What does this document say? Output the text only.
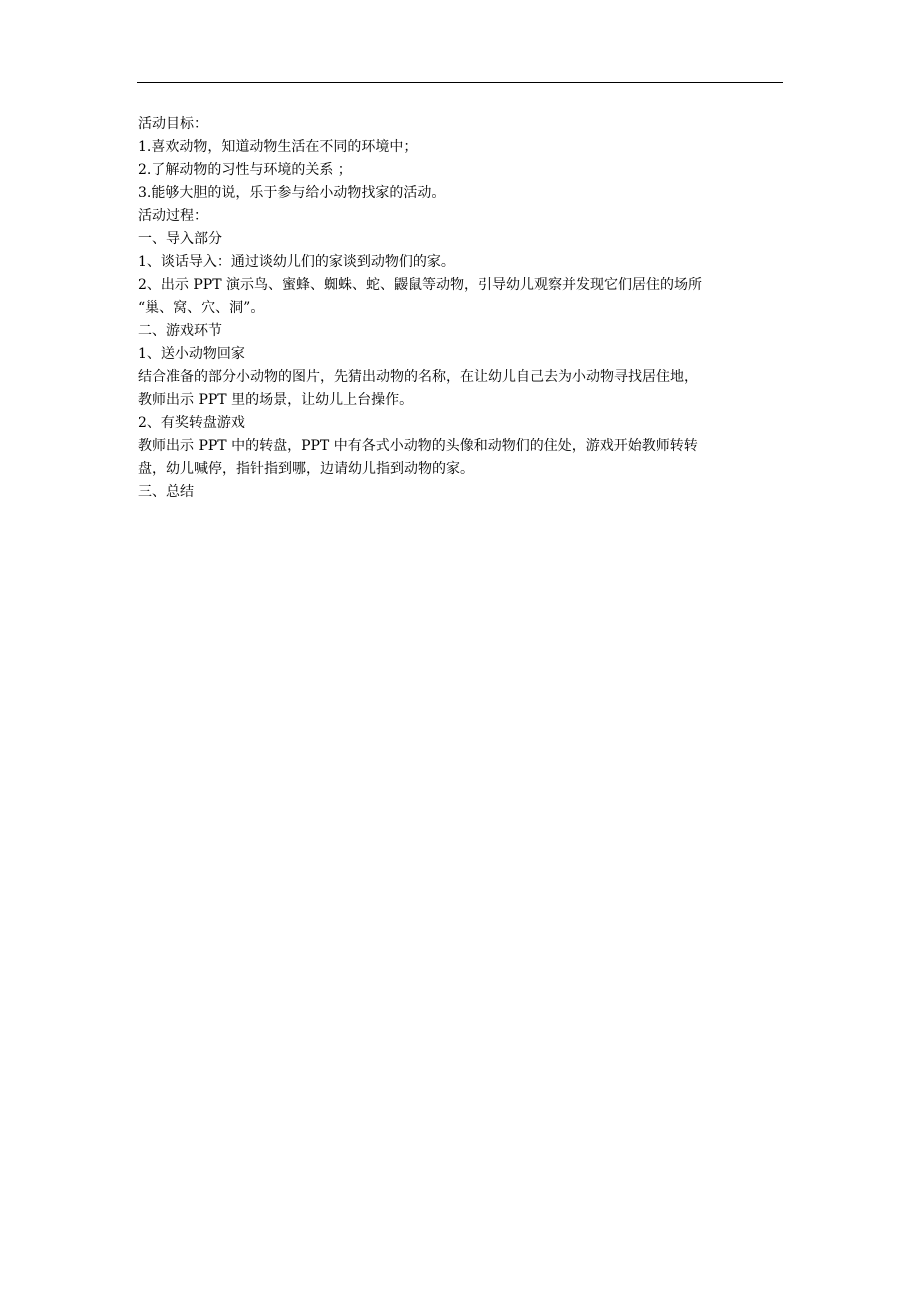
活动目标：

1.喜欢动物，知道动物生活在不同的环境中；

2.了解动物的习性与环境的关系 ；

3.能够大胆的说，乐于参与给小动物找家的活动。

活动过程：

一、导入部分

1、谈话导入：通过谈幼儿们的家谈到动物们的家。

2、出示 PPT 演示鸟、蜜蜂、蜘蛛、蛇、鼹鼠等动物，引导幼儿观察并发现它们居住的场所

“巢、窝、穴、洞”。

二、游戏环节

1、送小动物回家

结合准备的部分小动物的图片，先猜出动物的名称，在让幼儿自己去为小动物寻找居住地，

教师出示 PPT 里的场景，让幼儿上台操作。

2、有奖转盘游戏

教师出示 PPT 中的转盘，PPT 中有各式小动物的头像和动物们的住处，游戏开始教师转转

盘，幼儿喊停，指针指到哪，边请幼儿指到动物的家。

三、总结
